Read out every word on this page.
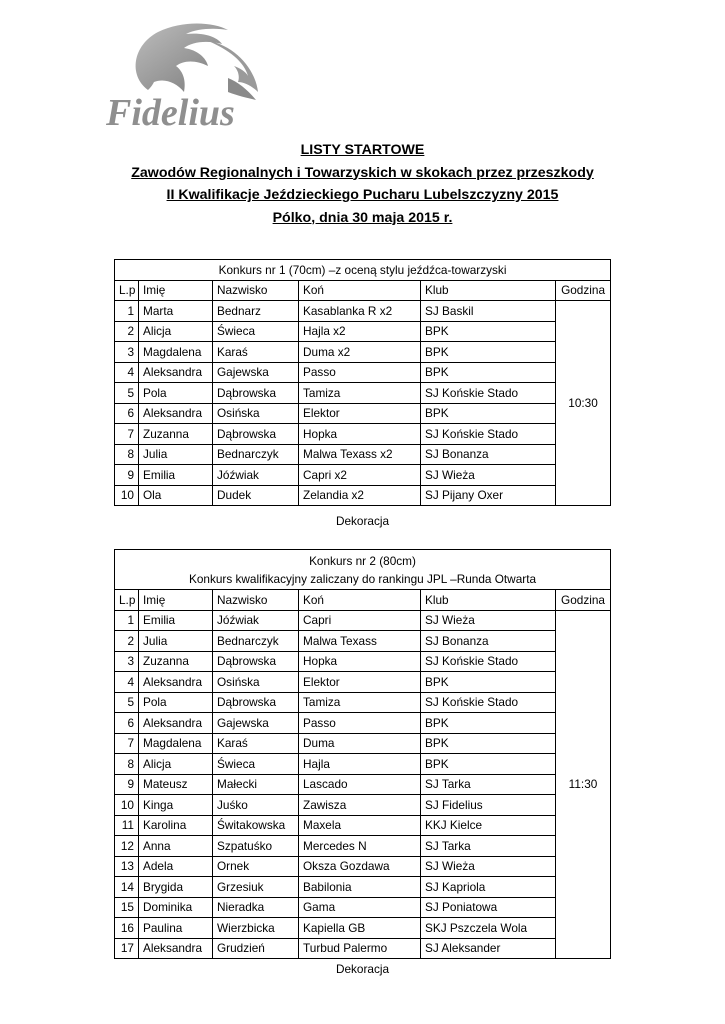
Fidelius
LISTY STARTOWE
Zawodów Regionalnych i Towarzyskich w skokach przez przeszkody
II Kwalifikacje Jeździeckiego Pucharu Lubelszczyzny 2015
Pólko, dnia 30 maja 2015 r.
Konkurs nr 1 (70cm) –z oceną stylu jeźdźca-towarzyski					
L.p	Imię	Nazwisko	Koń	Klub	Godzina
1	Marta	Bednarz	Kasablanka R x2	SJ Baskil	10:30
2	Alicja	Świeca	Hajla x2	BPK	
3	Magdalena	Karaś	Duma x2	BPK	
4	Aleksandra	Gajewska	Passo	BPK	
5	Pola	Dąbrowska	Tamiza	SJ Końskie Stado	
6	Aleksandra	Osińska	Elektor	BPK	
7	Zuzanna	Dąbrowska	Hopka	SJ Końskie Stado	
8	Julia	Bednarczyk	Malwa Texass x2	SJ Bonanza	
9	Emilia	Jóźwiak	Capri x2	SJ Wieża	
10	Ola	Dudek	Zelandia x2	SJ Pijany Oxer	
Dekoracja
Konkurs nr 2 (80cm)
Konkurs kwalifikacyjny zaliczany do rankingu JPL –Runda Otwarta					

L.p	Imię	Nazwisko	Koń	Klub	Godzina
1	Emilia	Jóźwiak	Capri	SJ Wieża	11:30
2	Julia	Bednarczyk	Malwa Texass	SJ Bonanza	
3	Zuzanna	Dąbrowska	Hopka	SJ Końskie Stado	
4	Aleksandra	Osińska	Elektor	BPK	
5	Pola	Dąbrowska	Tamiza	SJ Końskie Stado	
6	Aleksandra	Gajewska	Passo	BPK	
7	Magdalena	Karaś	Duma	BPK	
8	Alicja	Świeca	Hajla	BPK	
9	Mateusz	Małecki	Lascado	SJ Tarka	
10	Kinga	Juśko	Zawisza	SJ Fidelius	
11	Karolina	Świtakowska	Maxela	KKJ Kielce	
12	Anna	Szpatuśko	Mercedes N	SJ Tarka	
13	Adela	Ornek	Oksza Gozdawa	SJ Wieża	
14	Brygida	Grzesiuk	Babilonia	SJ Kapriola	
15	Dominika	Nieradka	Gama	SJ Poniatowa	
16	Paulina	Wierzbicka	Kapiella GB	SKJ Pszczela Wola	
17	Aleksandra	Grudzień	Turbud Palermo	SJ Aleksander	
Dekoracja
